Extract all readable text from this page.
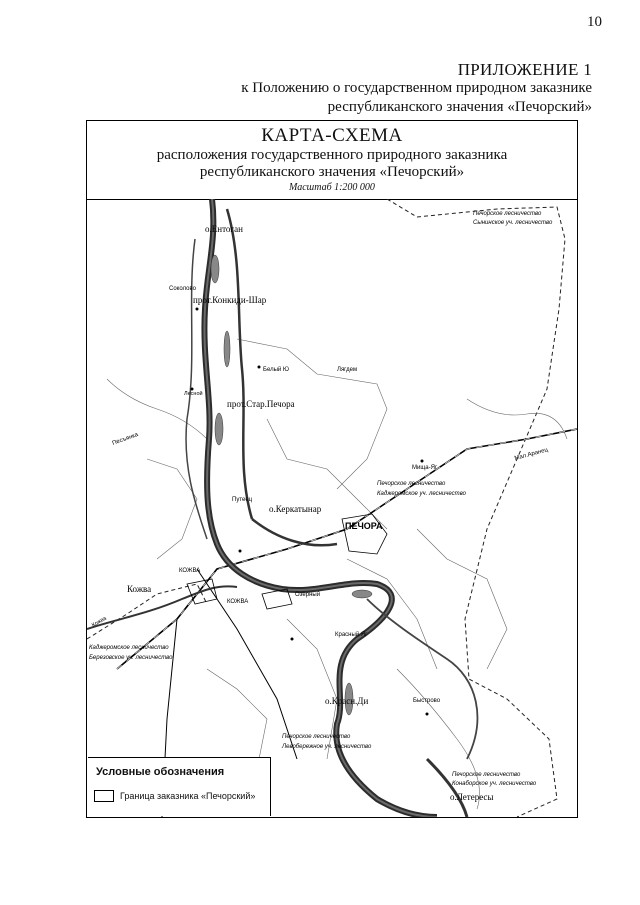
10
ПРИЛОЖЕНИЕ 1
к Положению о государственном природном заказнике
республиканского значения «Печорский»
КАРТА-СХЕМА
расположения государственного природного заказника
республиканского значения «Печорский»
Масштаб 1:200 000
о.Ентоган
Соколово
прот.Конкиди-Шар
Белый Ю	Лягдем
Лесной
прот.Стар.Печора
Песъянка
Путеец
о.Керкатынар
ПЕЧОРА
Мища-Яг
Мал.Аранец
Кожва
КОЖВА
КОЖВА
Кожва
Озёрный
Красный Яг
о.Красн.Ди	Быстрово
о.Летересы
Печорское лесничество
Сынинское уч. лесничество
Печорское лесничество
Каджеромское уч. лесничество
Каджеромское лесничество
Березовское уч. лесничество
Печорское лесничество
Левобережное уч. лесничество
Печорское лесничество
Конаборское уч. лесничество
Условные обозначения
Граница заказника «Печорский»
